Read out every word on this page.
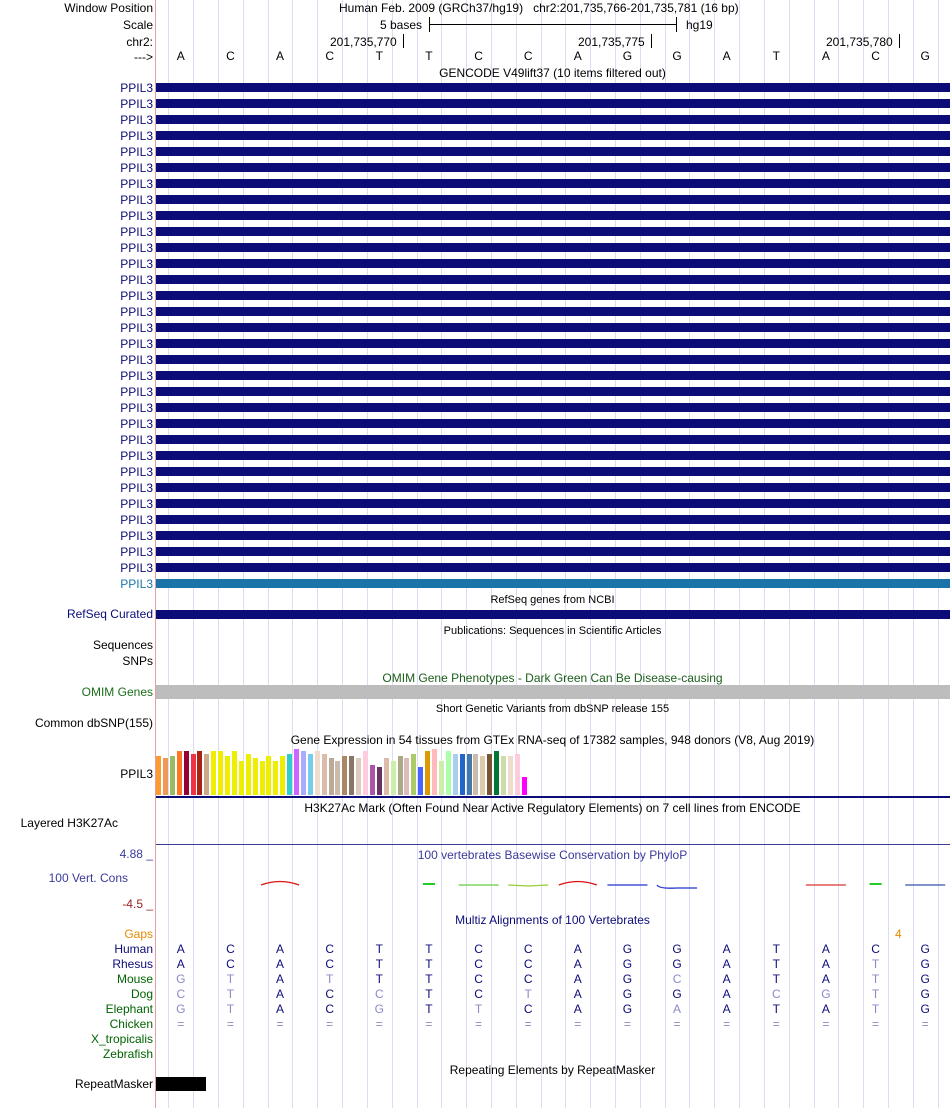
Window Position	Human Feb. 2009 (GRCh37/hg19) chr2:201,735,766-201,735,781 (16 bp)
Scale	5 bases	hg19
chr2:	201,735,770	201,735,775	201,735,780
--->	A	C	A	C	T	T	C	C	A	G	G	A	T	A	C	G
GENCODE V49lift37 (10 items filtered out)
PPIL3
PPIL3
PPIL3
PPIL3
PPIL3
PPIL3
PPIL3
PPIL3
PPIL3
PPIL3
PPIL3
PPIL3
PPIL3
PPIL3
PPIL3
PPIL3
PPIL3
PPIL3
PPIL3
PPIL3
PPIL3
PPIL3
PPIL3
PPIL3
PPIL3
PPIL3
PPIL3
PPIL3
PPIL3
PPIL3
PPIL3
PPIL3
RefSeq genes from NCBI
RefSeq Curated
Publications: Sequences in Scientific Articles
Sequences
SNPs
OMIM Gene Phenotypes - Dark Green Can Be Disease-causing
OMIM Genes
Short Genetic Variants from dbSNP release 155
Common dbSNP(155)
Gene Expression in 54 tissues from GTEx RNA-seq of 17382 samples, 948 donors (V8, Aug 2019)
PPIL3
H3K27Ac Mark (Often Found Near Active Regulatory Elements) on 7 cell lines from ENCODE
Layered H3K27Ac
100 vertebrates Basewise Conservation by PhyloP
4.88 _
100 Vert. Cons
-4.5 _
Multiz Alignments of 100 Vertebrates
Gaps	4
Human	A	C	A	C	T	T	C	C	A	G	G	A	T	A	C	G
Rhesus	A	C	A	C	T	T	C	C	A	G	G	A	T	A	T	G
Mouse G	T	A	T	T	T	C	C	A	G	C	A	T	A	T	G
Dog	C	T	A	C	C	T	C	T	A	G	G	A	C	G	T	G
Elephant G	T	A	C	G	T	T	C	A	G	A	A	T	A	T	G
Chicken	=	=	=	=	=	=	=	=	=	=	=	=	=	=	=	=
X_tropicalis
Zebrafish
Repeating Elements by RepeatMasker
RepeatMasker
